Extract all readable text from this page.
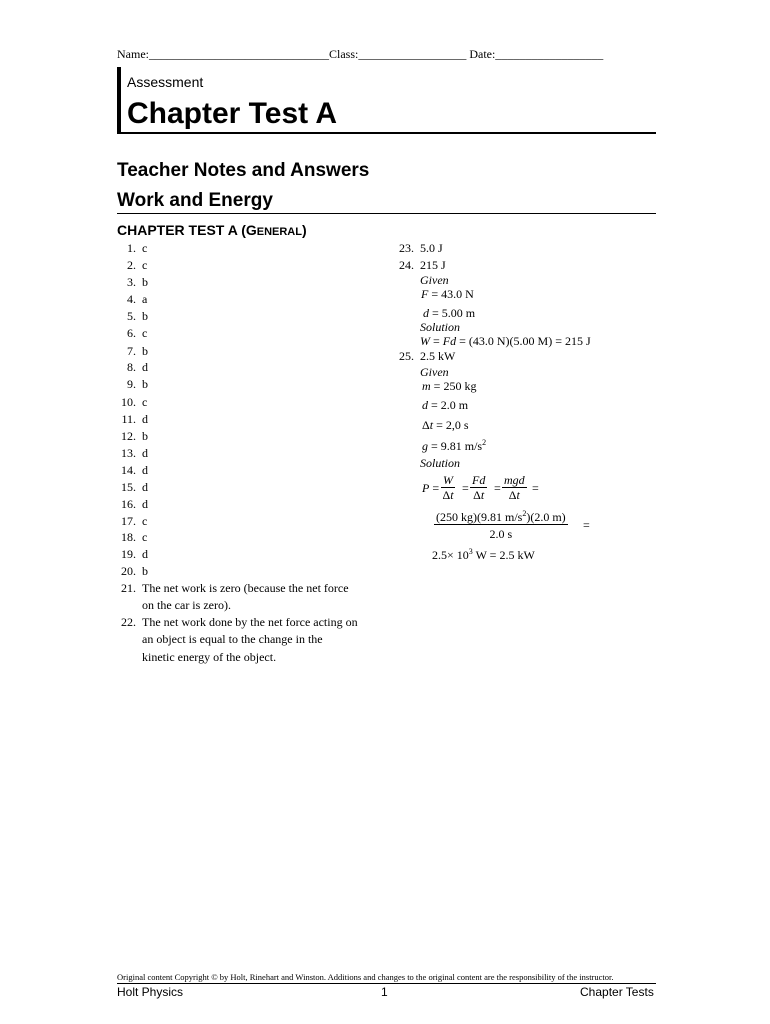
Name:______________________________Class:__________________ Date:__________________
Assessment
Chapter Test A
Teacher Notes and Answers
Work and Energy
CHAPTER TEST A (GENERAL)
1. c
2. c
3. b
4. a
5. b
6. c
7. b
8. d
9. b
10. c
11. d
12. b
13. d
14. d
15. d
16. d
17. c
18. c
19. d
20. b
21. The net work is zero (because the net force
on the car is zero).
22. The net work done by the net force acting on
an object is equal to the change in the
kinetic energy of the object.
23. 5.0 J
24. 215 J
Given
F = 43.0 N
d = 5.00 m
Solution
W = Fd = (43.0 N)(5.00 M) = 215 J
25. 2.5 kW
Given
m = 250 kg
d = 2.0 m
Δt = 2,0 s
g = 9.81 $m/s^2$
Solution
$P = \frac{W}{\Delta t} = \frac{Fd}{\Delta t}$ =
mgd
Δt =
$\frac{(250 kg)(9.81 m/s^2)(2.0 m)}{2.0 s}$ =
$2.5\times 10^3$ W = 2.5 kW
Original content Copyright © by Holt, Rinehart and Winston. Additions and changes to the original content are the responsibility of the instructor.
Holt Physics	1	Chapter Tests
